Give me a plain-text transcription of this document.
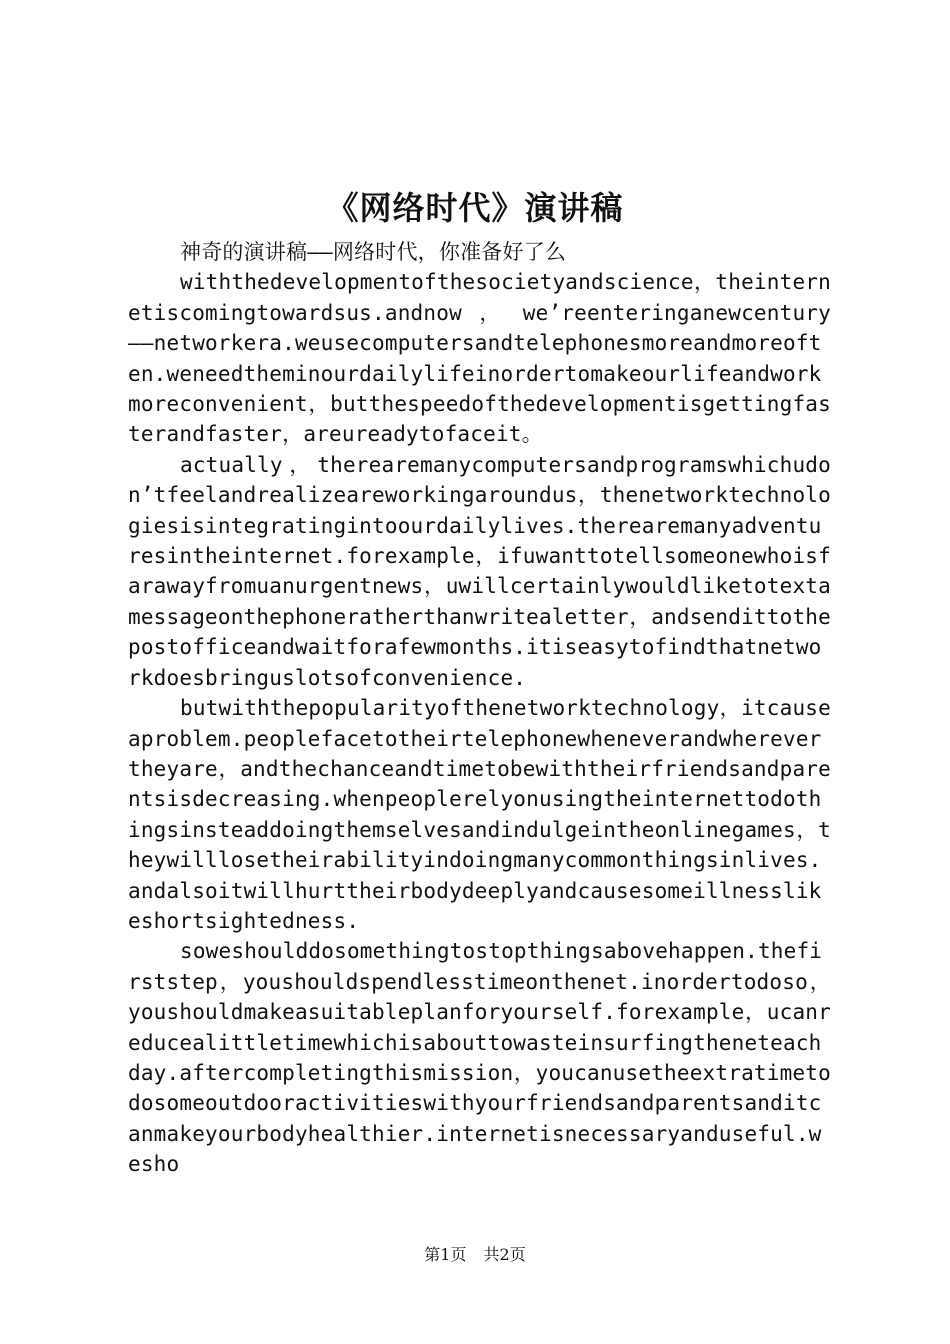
《网络时代》演讲稿

神奇的演讲稿——网络时代，你准备好了么

withthedevelopmentofthesocietyandscience，theinternetiscomingtowardsus.andnow ， we’reenteringanewcentury——networkera.weusecomputersandtelephonesmoreandmoreoften.weneedtheminourdailylifeinordertomakeourlifeandworkmoreconvenient，butthespeedofthedevelopmentisgettingfasterandfaster，areureadytofaceit。

actually，therearemanycomputersandprogramswhichudon’tfeelandrealizeareworkingaroundus，thenetworktechnologiesisintegratingintoourdailylives.therearemanyadventuresintheinternet.forexample，ifuwanttotellsomeonewhoisfarawayfromuanurgentnews，uwillcertainlywouldliketotextamessageonthephoneratherthanwritealetter，andsendittothepostofficeandwaitforafewmonths.itiseasytofindthatnetworkdoesbringuslotsofconvenience.

butwiththepopularityofthenetworktechnology，itcauseaproblem.peoplefacetotheirtelephonewheneverandwherevertheyare，andthechanceandtimetobewiththeirfriendsandparentsisdecreasing.whenpeoplerelyonusingtheinternettodothingsinsteaddoingthemselvesandindulgeintheonlinegames，theywilllosetheirabilityindoingmanycommonthingsinlives.andalsoitwillhurttheirbodydeeplyandcausesomeillnesslikeshortsightedness.

soweshoulddosomethingtostopthingsabovehappen.thefirststep，youshouldspendlesstimeonthenet.inordertodoso，youshouldmakeasuitableplanforyourself.forexample，ucanreducealittletimewhichisabouttowasteinsurfingtheneteachday.aftercompletingthismission，youcanusetheextratimetodosomeoutdooractivitieswithyourfriendsandparentsanditcanmakeyourbodyhealthier.internetisnecessaryanduseful.wesho

第1页 共2页
